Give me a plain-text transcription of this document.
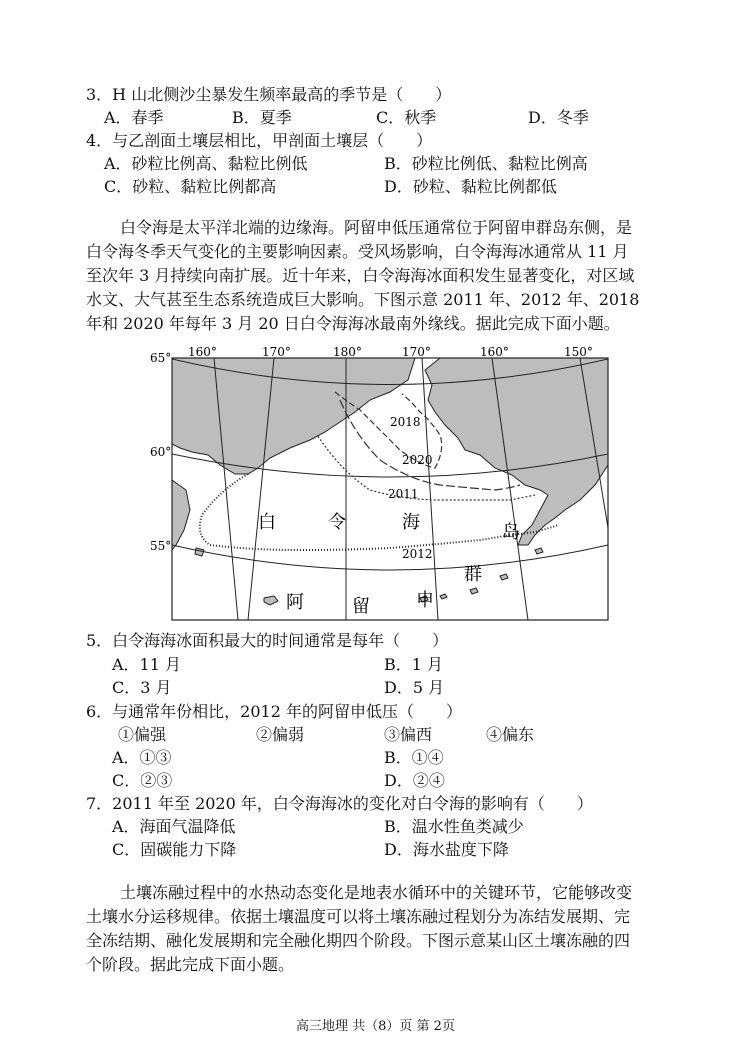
3．H 山北侧沙尘暴发生频率最高的季节是（　　）
A．春季	B．夏季	C．秋季	D．冬季
4．与乙剖面土壤层相比，甲剖面土壤层（　　）
A．砂粒比例高、黏粒比例低	B．砂粒比例低、黏粒比例高
C．砂粒、黏粒比例都高	D．砂粒、黏粒比例都低
白令海是太平洋北端的边缘海。阿留申低压通常位于阿留申群岛东侧，是
白令海冬季天气变化的主要影响因素。受风场影响，白令海海冰通常从 11 月
至次年 3 月持续向南扩展。近十年来，白令海海冰面积发生显著变化，对区域
水文、大气甚至生态系统造成巨大影响。下图示意 2011 年、2012 年、2018
年和 2020 年每年 3 月 20 日白令海海冰最南外缘线。据此完成下面小题。
65°
60°
55°
160°	170°	180°	170°	160°	150°
2018
2020
2011
2012
白	令	海	岛
群
阿	留	申
5．白令海海冰面积最大的时间通常是每年（　　）
A．11 月	B．1 月
C．3 月	D．5 月
6．与通常年份相比，2012 年的阿留申低压（　　）
①偏强	②偏弱	③偏西	④偏东
A．①③	B．①④
C．②③	D．②④
7．2011 年至 2020 年，白令海海冰的变化对白令海的影响有（　　）
A．海面气温降低	B．温水性鱼类减少
C．固碳能力下降	D．海水盐度下降
土壤冻融过程中的水热动态变化是地表水循环中的关键环节，它能够改变
土壤水分运移规律。依据土壤温度可以将土壤冻融过程划分为冻结发展期、完
全冻结期、融化发展期和完全融化期四个阶段。下图示意某山区土壤冻融的四
个阶段。据此完成下面小题。
高三地理 共（8）页 第 2页
